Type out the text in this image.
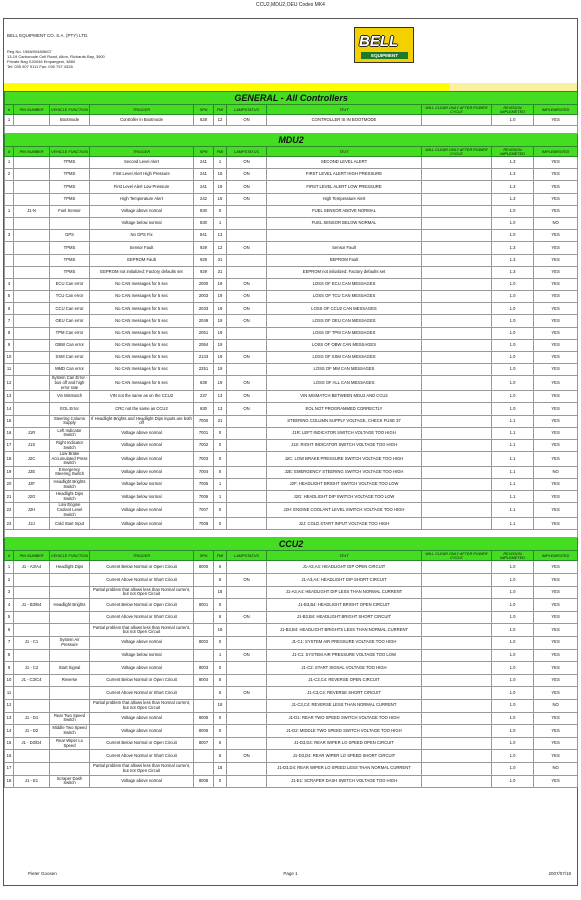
CCU2,MDU2,OEU Codes MK4
BELL EQUIPMENT CO. S.A. (PTY) LTD.
Reg No. 1968/004806/07
13-19 Carbonode Cell Road, Alton, Richards Bay, 3900
Private Bag X20046 Empangeni, 3880
Tel: 035 907 9111 Fax: 035 797 4328
BELL
EQUIPMENT
GENERAL - All Controllers										
#	PIN NUMBER	VEHICLE FUNCTION	TRIGGER	SPN	FMI	LAMPSTATUS	TEXT	WILL CLEAR ONLY AFTER POWER CYCLE	REVISION IMPLEMETED	IMPLEMENTED
1		Bootmode	Controller in Bootmode	628	12	ON	CONTROLLER IS IN BOOTMODE		1.0	YES

MDU2										
#	PIN NUMBER	VEHICLE FUNCTION	TRIGGER	SPN	FMI	LAMPSTATUS	TEXT	WILL CLEAR ONLY AFTER POWER CYCLE	REVISION IMPLEMETED	IMPLEMENTED
1		TPMS	Second Level Alert	241	1	ON	SECOND LEVEL ALERT		1.3	YES
2		TPMS	First Level Alert High Pressure	241	16	ON	FIRST LEVEL ALERT HIGH PRESSURE		1.3	YES
		TPMS	First Level Alert Low Pressure	241	18	ON	FIRST LEVEL ALERT LOW PRESSURE		1.3	YES
		TPMS	High Temperature Alert	242	16	ON	High Temperature Alert		1.3	YES
1	J1-N	Fuel Sensor	Voltage above normal	830	0		FUEL SENSOR ABOVE NORMAL		1.0	YES
			Voltage below normal	830	1		FUEL SENSOR BELOW NORMAL		1.0	NO
3		GPS	No GPS Fix	841	13				1.0	YES
		TPMS	Sensor Fault	929	12	ON	Sensor Fault		1.3	YES
		TPMS	EEPROM Fault	929	31		EEPROM Fault		1.3	YES
		TPMS	EEPROM not initialized: Factory defaults set	929	31		EEPROM not initialized: Factory defaults set		1.3	YES
4		ECU Can error	No CAN messages for 5 sec	2000	19	ON	LOSS OF ECU CAN MESSAGES		1.0	YES
5		TCU Can error	No CAN messages for 5 sec	2003	19	ON	LOSS OF TCU CAN MESSAGES		1.0	YES
6		CCU Can error	No CAN messages for 5 sec	2033	19	ON	LOSS OF CCU2 CAN MESSAGES		1.0	YES
7		OEU Can error	No CAN messages for 5 sec	2049	19	ON	LOSS OF OEU CAN MESSAGES		1.0	YES
8		TPM Can error	No CAN messages for 5 sec	2051	19		LOSS OF TPM CAN MESSAGES		1.0	YES
9		OBW Can error	No CAN messages for 5 sec	2064	19		LOSS OF OBW CAN MESSAGES		1.0	YES
10		SSM Can error	No CAN messages for 5 sec	2143	19	ON	LOSS OF SSM CAN MESSAGES		1.0	YES
11		MMD Can error	No CAN messages for 5 sec	2251	19		LOSS OF MM CAN MESSAGES		1.0	YES
12		System Can Error - bus off and high error rate	No CAN messages for 5 sec	639	19	ON	LOSS OF ALL CAN MESSAGES		1.0	YES
13		Vin Mismatch	VIN not the same as on the CCU2	237	13	ON	VIN MISMATCH BETWEEN MDU2 AND CCU2		1.0	YES
14		EOL Error	CRC not the same as CCU2	630	13	ON	EOL NOT PROGRAMMED CORRECTLY		1.0	YES
15		Steering Column Supply	If Headlight Brights and Headlight Dips inputs are both off	7000	31		STEERING COLUMN SUPPLY VOLTAGE, CHECK FUSE 37		1.1	YES
16	J1R	Left Indicator Switch	Voltage above normal	7001	0		J1R: LEFT INDICATOR SWITCH VOLTAGE TOO HIGH		1.1	YES
17	J1S	Right Indicator Switch	Voltage above normal	7002	0		J1S: RIGHT INDICATOR SWITCH VOLTAGE TOO HIGH		1.1	YES
18	J2C	Low Brake Accumulated Press Switch	Voltage above normal	7003	0		J2C: LOW BRAKE PRESSURE SWITCH VOLTAGE TOO HIGH		1.1	YES
19	J2E	Emergency Steering Switch	Voltage above normal	7004	0		J2E: EMERGENCY STEERING SWITCH VOLTAGE TOO HIGH		1.1	NO
20	J2F	Headlight Brights Switch	Voltage below normal	7005	1		J2F: HEADLIGHT BRIGHT SWITCH VOLTAGE TOO LOW		1.1	YES
21	J2G	Headlight Dips Switch	Voltage below normal	7006	1		J2G: HEADLIGHT DIP SWITCH VOLTAGE TOO LOW		1.1	YES
22	J2H	Low Engine Coolant Level Switch	Voltage above normal	7007	0		J2H: ENGINE COOLANT LEVEL SWITCH VOLTAGE TOO HIGH		1.1	YES
23	J2J	Cold Start Input	Voltage above normal	7008	0		J2J: COLD START INPUT VOLTAGE TOO HIGH		1.1	YES

CCU2										
#	PIN NUMBER	VEHICLE FUNCTION	TRIGGER	SPN	FMI	LAMPSTATUS	TEXT	WILL CLEAR ONLY AFTER POWER CYCLE	REVISION IMPLEMETED	IMPLEMENTED
1	J1 - A3/A4	Headlight Dips	Current Below Normal or Open Circuit	8000	5		J1-A3,A4: HEADLIGHT DIP OPEN CIRCUIT		1.0	YES
2			Current Above Normal or Short Circuit		6	ON	J1-A3,A4: HEADLIGHT DIP SHORT CIRCUIT		1.0	YES
3			Partial problem that allows less than Normal current, but not Open Circuit		18		J1-A3,A4: HEADLIGHT DIP LESS THAN NORMAL CURRENT		1.0	YES
4	J1 - B3/B4	Headlight Brights	Current Below Normal or Open Circuit	8001	5		J1-B3,B4: HEADLIGHT BRIGHT OPEN CIRCUIT		1.0	YES
5			Current Above Normal or Short Circuit		6	ON	J1-B3,B4: HEADLIGHT BRIGHT SHORT CIRCUIT		1.0	YES
6			Partial problem that allows less than Normal current, but not Open Circuit		18		J1-B3,B4: HEADLIGHT BRIGHTS LESS THAN NORMAL CURRENT		1.0	YES
7	J1 - C1	System Air Pressure	Voltage above normal	8002	0		J1-C1: SYSTEM AIR PRESSURE VOLTAGE TOO HIGH		1.0	YES
8			Voltage below normal		1	ON	J1-C1: SYSTEM AIR PRESSURE VOLTAGE TOO LOW		1.0	YES
9	J1 - C2	Start Signal	Voltage above normal	8003	0		J1-C2: START SIGNAL VOLTAGE TOO HIGH		1.0	YES
10	J1 - C3/C4	Reverse	Current Below Normal or Open Circuit	8004	5		J1-C3,C4: REVERSE OPEN CIRCUIT		1.0	YES
11			Current Above Normal or Short Circuit		6	ON	J1-C3,C4: REVERSE SHORT CIRCUIT		1.0	YES
12			Partial problem that allows less than Normal current, but not Open Circuit		18		J1-C3,C4: REVERSE LESS THAN NORMAL CURRENT		1.0	NO
13	J1 - D1	Rear Two Speed Switch	Voltage above normal	8005	0		J1-D1: REAR TWO SPEED SWITCH VOLTAGE TOO HIGH		1.0	YES
14	J1 - D2	Middle Two Speed Switch	Voltage above normal	8006	0		J1-D2: MIDDLE TWO SPEED SWITCH VOLTAGE TOO HIGH		1.0	YES
15	J1 - D3/D4	Rear Wiper Lo Speed	Current Below Normal or Open Circuit	8007	5		J1-D3,D4: REAR WIPER LO SPEED OPEN CIRCUIT		1.0	YES
16			Current Above Normal or Short Circuit		6	ON	J1-D3,D4: REAR WIPER LO SPEED SHORT CIRCUIT		1.0	YES
17			Partial problem that allows less than Normal current, but not Open Circuit		18		J1-D3,D4: REAR WIPER LO SPEED LESS THAN NORMAL CURRENT		1.0	NO
18	J1 - E1	Scraper Dash Switch	Voltage above normal	8008	0		J1-E1: SCRAPER DASH SWITCH VOLTAGE TOO HIGH		1.0	YES
Pieter Goosen	Page 1	2007/07/18
